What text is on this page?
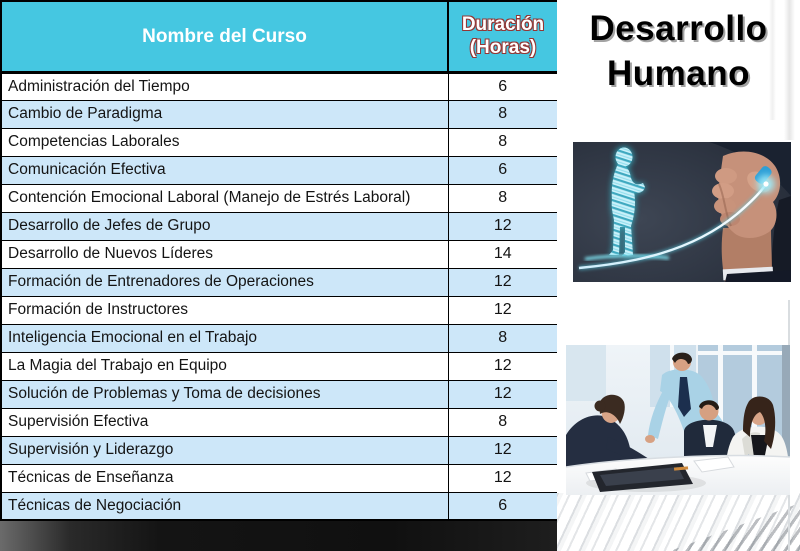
Nombre del Curso	Duración
(Horas)

Administración del Tiempo	6
Cambio de Paradigma	8
Competencias Laborales	8
Comunicación Efectiva	6
Contención Emocional Laboral (Manejo de Estrés Laboral)	8
Desarrollo de Jefes de Grupo	12
Desarrollo de Nuevos Líderes	14
Formación de Entrenadores de Operaciones	12
Formación de Instructores	12
Inteligencia Emocional en el Trabajo	8
La Magia del Trabajo en Equipo	12
Solución de Problemas y Toma de decisiones	12
Supervisión Efectiva	8
Supervisión y Liderazgo	12
Técnicas de Enseñanza	12
Técnicas de Negociación	6
Desarrollo
Humano
